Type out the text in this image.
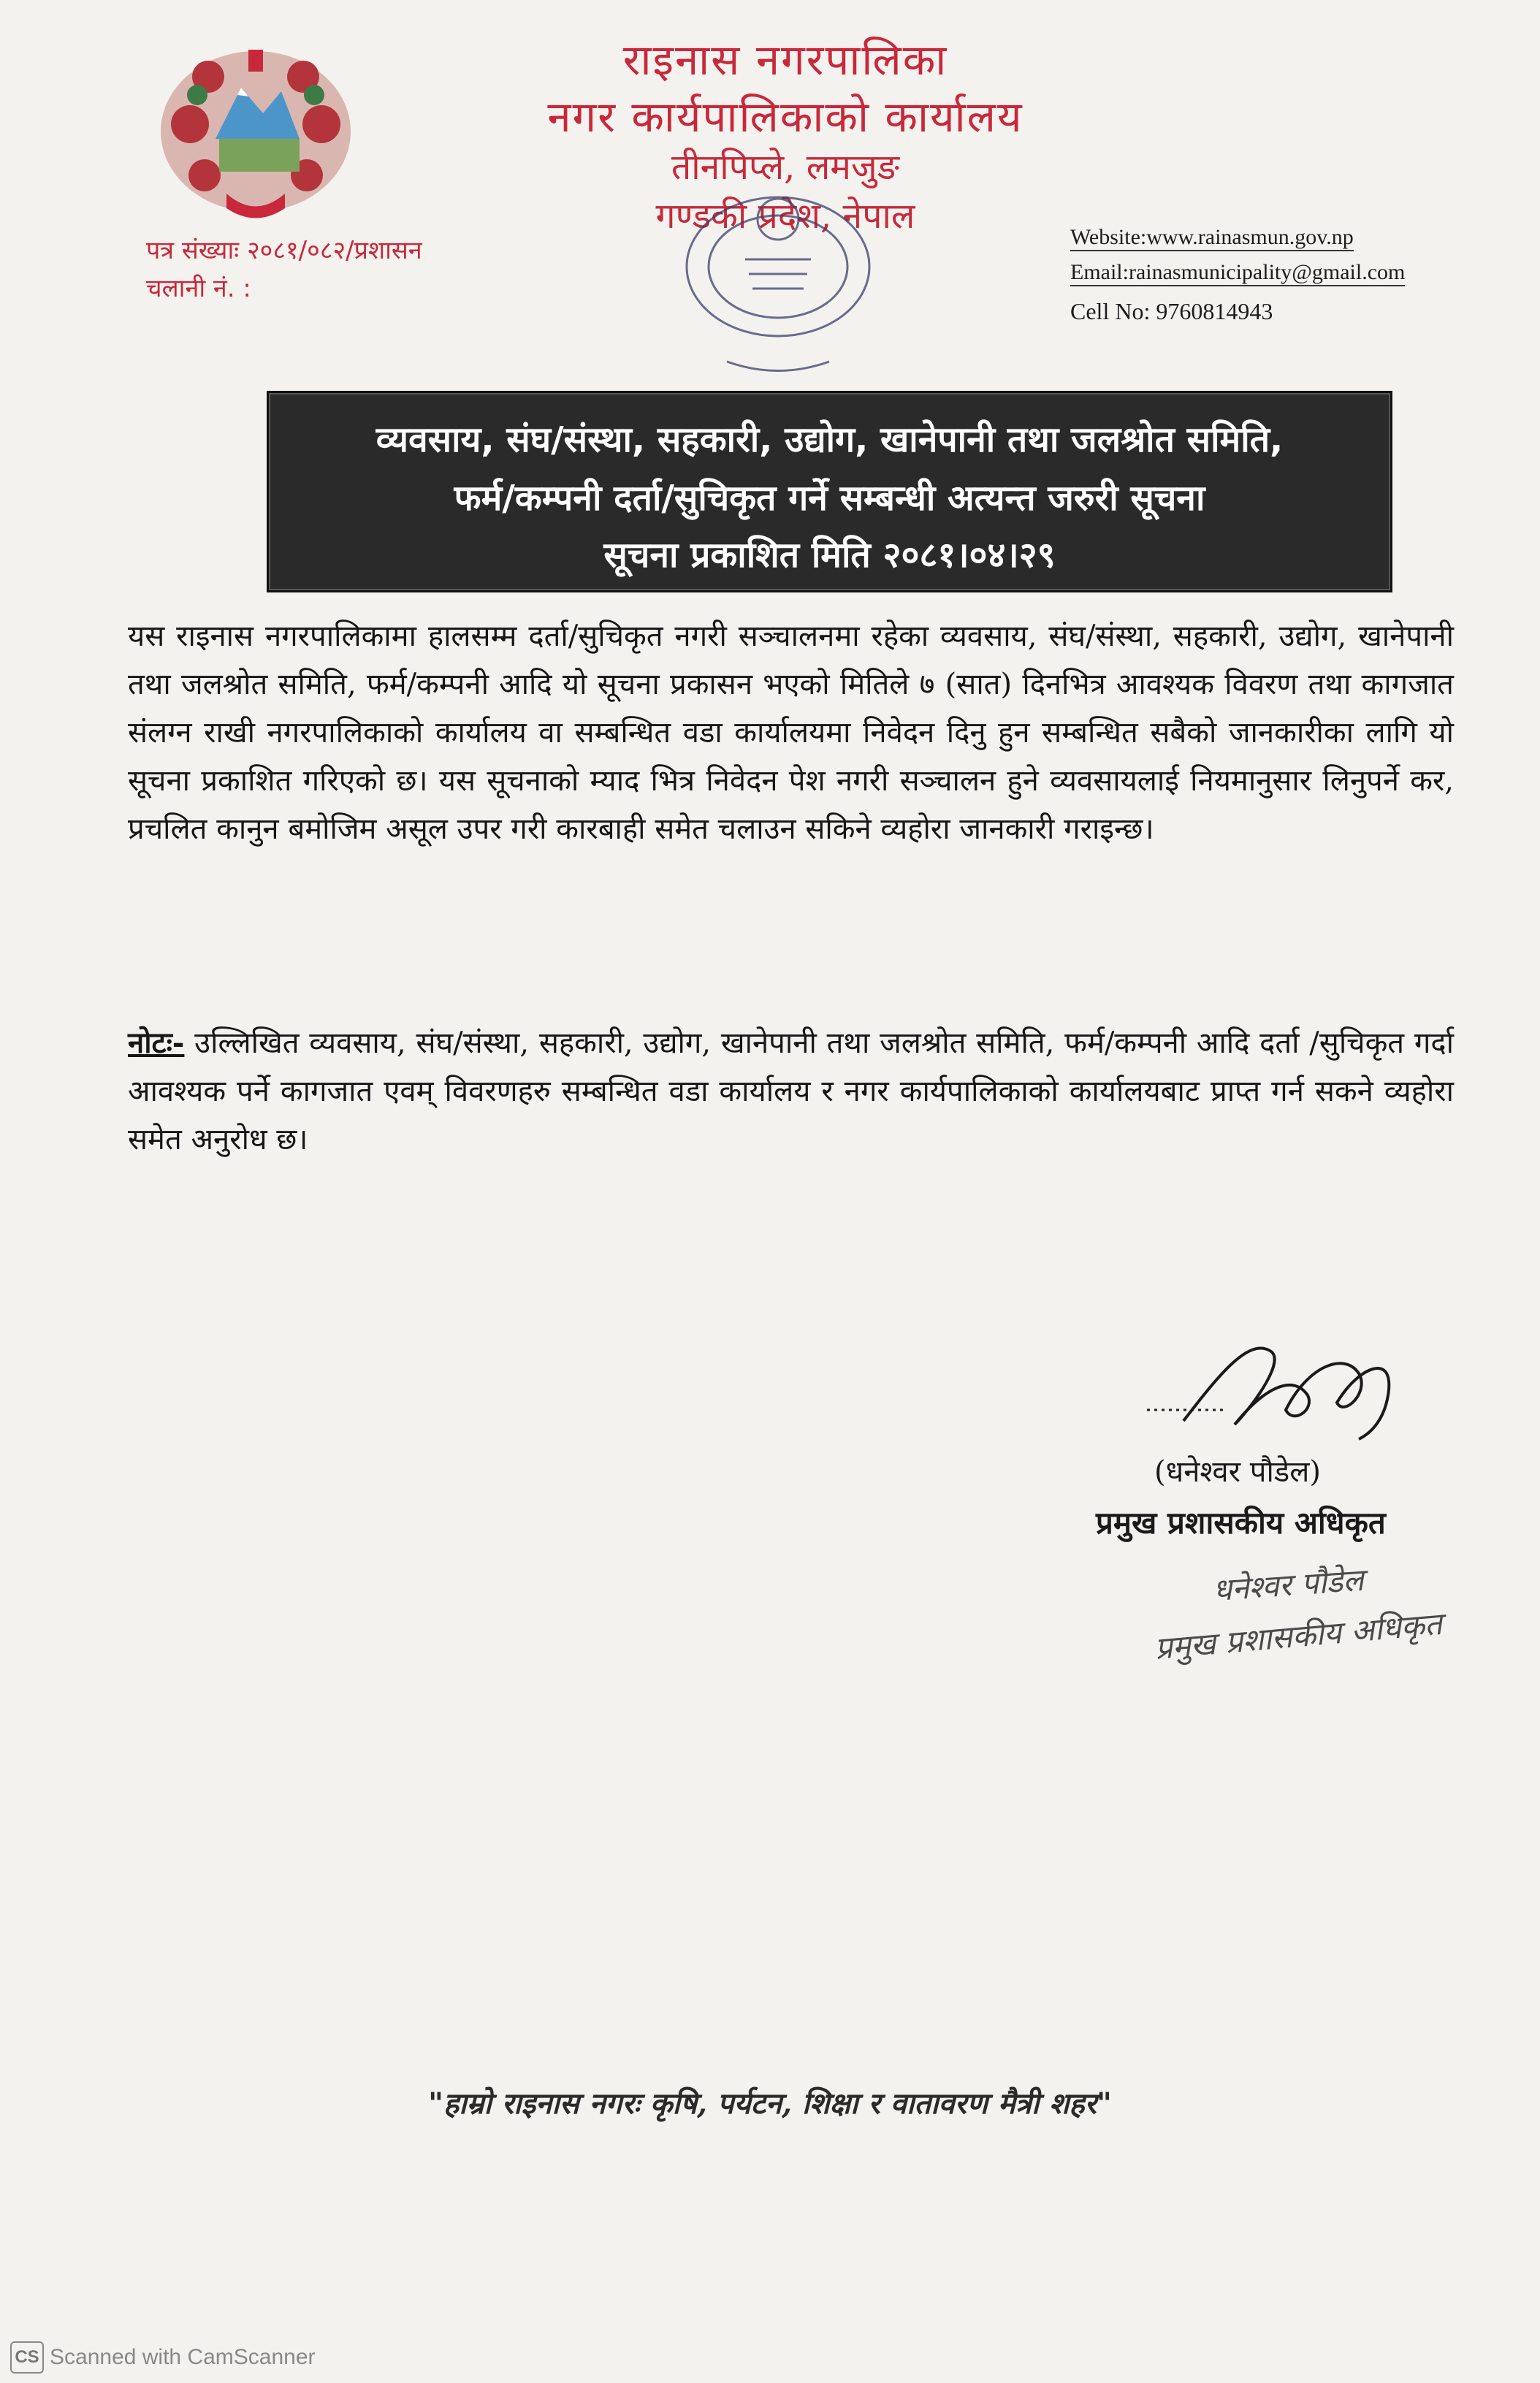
राइनास नगरपालिका
नगर कार्यपालिकाको कार्यालय
तीनपिप्ले, लमजुङ
गण्डकी प्रदेश, नेपाल
पत्र संख्याः २०८१/०८२/प्रशासन
चलानी नं. :
Website:www.rainasmun.gov.np
Email:rainasmunicipality@gmail.com
Cell No: 9760814943
व्यवसाय, संघ/संस्था, सहकारी, उद्योग, खानेपानी तथा जलश्रोत समिति,
फर्म/कम्पनी दर्ता/सुचिकृत गर्ने सम्बन्धी अत्यन्त जरुरी सूचना
सूचना प्रकाशित मिति २०८१।०४।२९
यस राइनास नगरपालिकामा हालसम्म दर्ता/सुचिकृत नगरी सञ्चालनमा रहेका व्यवसाय, संघ/संस्था, सहकारी, उद्योग, खानेपानी तथा जलश्रोत समिति, फर्म/कम्पनी आदि यो सूचना प्रकासन भएको मितिले ७ (सात) दिनभित्र आवश्यक विवरण तथा कागजात संलग्न राखी नगरपालिकाको कार्यालय वा सम्बन्धित वडा कार्यालयमा निवेदन दिनु हुन सम्बन्धित सबैको जानकारीका लागि यो सूचना प्रकाशित गरिएको छ। यस सूचनाको म्याद भित्र निवेदन पेश नगरी सञ्चालन हुने व्यवसायलाई नियमानुसार लिनुपर्ने कर, प्रचलित कानुन बमोजिम असूल उपर गरी कारबाही समेत चलाउन सकिने व्यहोरा जानकारी गराइन्छ।
नोटः- उल्लिखित व्यवसाय, संघ/संस्था, सहकारी, उद्योग, खानेपानी तथा जलश्रोत समिति, फर्म/कम्पनी आदि दर्ता /सुचिकृत गर्दा आवश्यक पर्ने कागजात एवम् विवरणहरु सम्बन्धित वडा कार्यालय र नगर कार्यपालिकाको कार्यालयबाट प्राप्त गर्न सकने व्यहोरा समेत अनुरोध छ।
(धनेश्वर पौडेल)
प्रमुख प्रशासकीय अधिकृत
धनेश्वर पौडेल
प्रमुख प्रशासकीय अधिकृत
"हाम्रो राइनास नगरः कृषि, पर्यटन, शिक्षा र वातावरण मैत्री शहर"
CS Scanned with CamScanner
